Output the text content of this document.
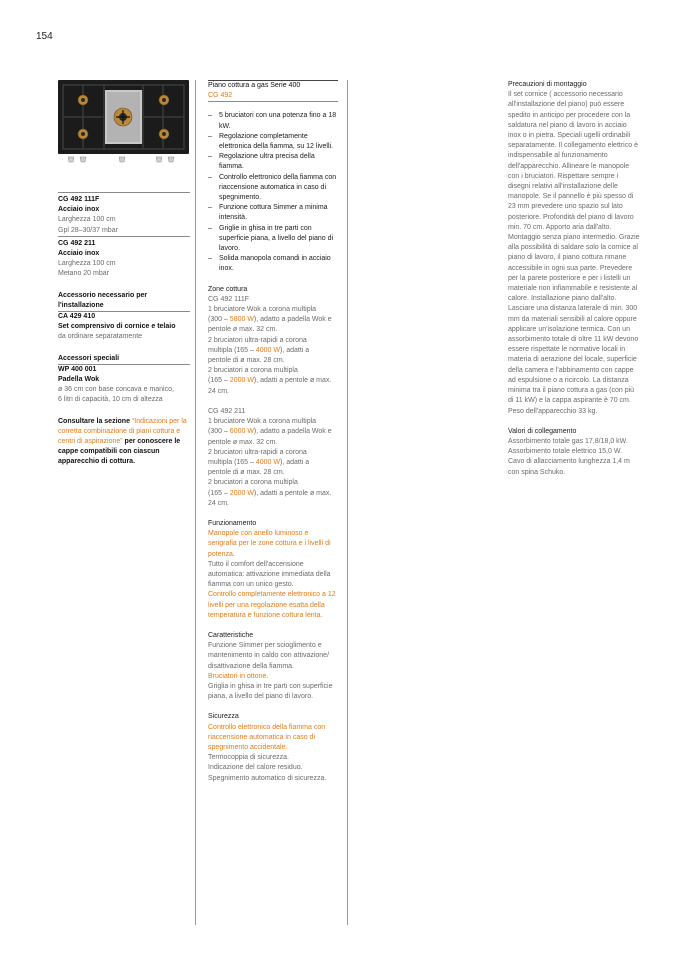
154
CG 492 111F
Acciaio inox
Larghezza 100 cm
Gpl 28–30/37 mbar
CG 492 211
Acciaio inox
Larghezza 100 cm
Metano 20 mbar
Accessorio necessario per l'installazione
CA 429 410
Set comprensivo di cornice e telaio
da ordinare separatamente
Accessori speciali
WP 400 001
Padella Wok
ø 36 cm con base concava e manico,
6 litri di capacità, 10 cm di altezza
Consultare la sezione “Indicazioni per la corretta combinazione di piani cottura e centri di aspirazione” per conoscere le cappe compatibili con ciascun apparecchio di cottura.
Piano cottura a gas Serie 400
CG 492
– 5 bruciatori con una potenza fino a 18 kW.
– Regolazione completamente elettronica della fiamma, su 12 livelli.
– Regolazione ultra precisa della fiamma.
– Controllo elettronico della fiamma con riaccensione automatica in caso di spegnimento.
– Funzione cottura Simmer a minima intensità.
– Griglie in ghisa in tre parti con superficie piana, a livello del piano di lavoro.
– Solida manopola comandi in acciaio inox.
Zone cottura
CG 492 111F
1 bruciatore Wok a corona multipla
(300 – 5800 W), adatto a padella Wok e
pentole ø max. 32 cm.
2 bruciatori ultra-rapidi a corona
multipla (165 – 4000 W), adatti a
pentole di ø max. 28 cm.
2 bruciatori a corona multipla
(165 – 2000 W), adatti a pentole ø max.
24 cm.
CG 492 211
1 bruciatore Wok a corona multipla
(300 – 6000 W), adatto a padella Wok e
pentole ø max. 32 cm.
2 bruciatori ultra-rapidi a corona
multipla (165 – 4000 W), adatti a
pentole di ø max. 28 cm.
2 bruciatori a corona multipla
(165 – 2000 W), adatti a pentole ø max.
24 cm.
Funzionamento
Manopole con anello luminoso e serigrafia per le zone cottura e i livelli di potenza.
Tutto il comfort dell'accensione automatica: attivazione immediata della fiamma con un unico gesto.
Controllo completamente elettronico a 12 livelli per una regolazione esatta della temperatura e funzione cottura lenta.
Caratteristiche
Funzione Simmer per scioglimento e mantenimento in caldo con attivazione/ disattivazione della fiamma.
Bruciatori in ottone.
Griglia in ghisa in tre parti con superficie piana, a livello del piano di lavoro.
Sicurezza
Controllo elettronico della fiamma con riaccensione automatica in caso di spegnimento accidentale.
Termocoppia di sicurezza.
Indicazione del calore residuo.
Spegnimento automatico di sicurezza.
Precauzioni di montaggio
Il set cornice ( accessorio necessario all'installazione del piano) può essere spedito in anticipo per procedere con la saldatura nel piano di lavoro in acciaio inox o in pietra. Speciali ugelli ordinabili separatamente. Il collegamento elettrico è indispensabile al funzionamento dell'apparecchio. Allineare le manopole con i bruciatori. Rispettare sempre i disegni relativi all'installazione delle manopole. Se il pannello è più spesso di 23 mm prevedere uno spazio sul lato posteriore. Profondità del piano di lavoro min. 70 cm. Apporto aria dall'alto. Montaggio senza piano intermedio. Grazie alla possibilità di saldare solo la cornice al piano di lavoro, il piano cottura rimane accessibile in ogni sua parte. Prevedere per la parete posteriore e per i listelli un materiale non infiammabile e resistente al calore. Installazione piano dall'alto. Lasciare una distanza laterale di min. 300 mm da materiali sensibili al calore oppure applicare un'isolazione termica. Con un assorbimento totale di oltre 11 kW devono essere rispettate le normative locali in materia di aerazione del locale, superficie della camera e l'abbinamento con cappe ad espulsione o a ricircolo. La distanza minima tra il piano cottura a gas (con più di 11 kW) e la cappa aspirante è 70 cm. Peso dell'apparecchio 33 kg.
Valori di collegamento
Assorbimento totale gas 17,8/18,0 kW.
Assorbimento totale elettrico 15,0 W.
Cavo di allacciamento lunghezza 1,4 m con spina Schuko.
